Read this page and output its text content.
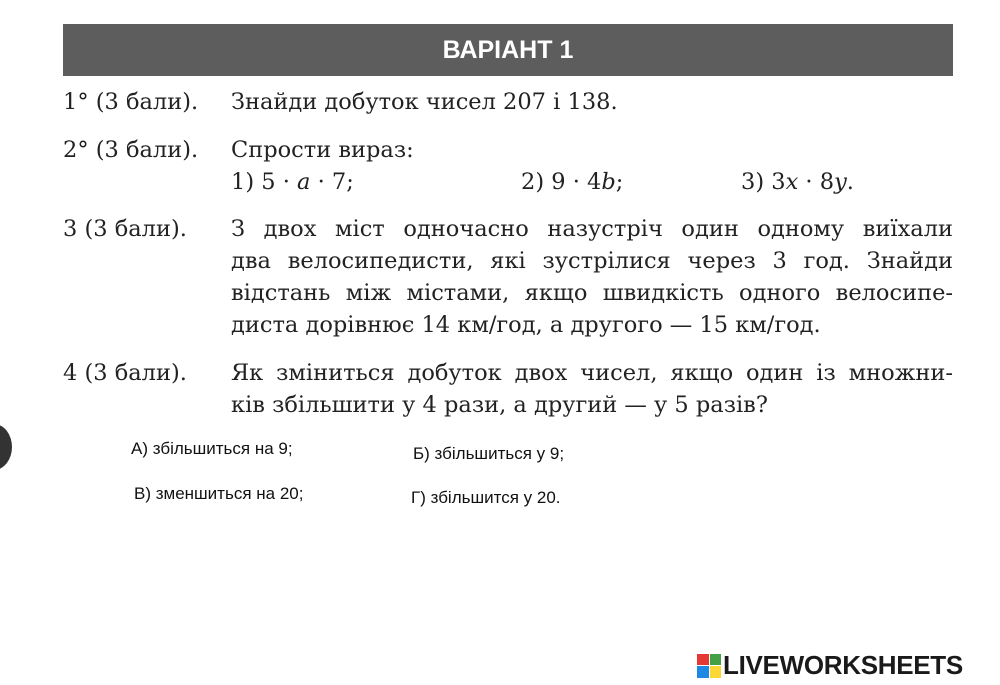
ВАРІАНТ 1
1° (3 бали). Знайди добуток чисел 207 і 138.
2° (3 бали). Спрости вираз:
1) 5 · a · 7;	2) 9 · 4b;	3) 3x · 8y.
3 (3 бали). З двох міст одночасно назустріч один одному виїхали
два велосипедисти, які зустрілися через 3 год. Знайди
відстань між містами, якщо швидкість одного велосипе-
диста дорівнює 14 км/год, а другого — 15 км/год.
4 (3 бали). Як зміниться добуток двох чисел, якщо один із множни-
ків збільшити у 4 рази, а другий — у 5 разів?
А) збільшиться на 9;	Б) збільшиться у 9;
В) зменшиться на 20;	Г) збільшится у 20.
LIVEWORKSHEETS
